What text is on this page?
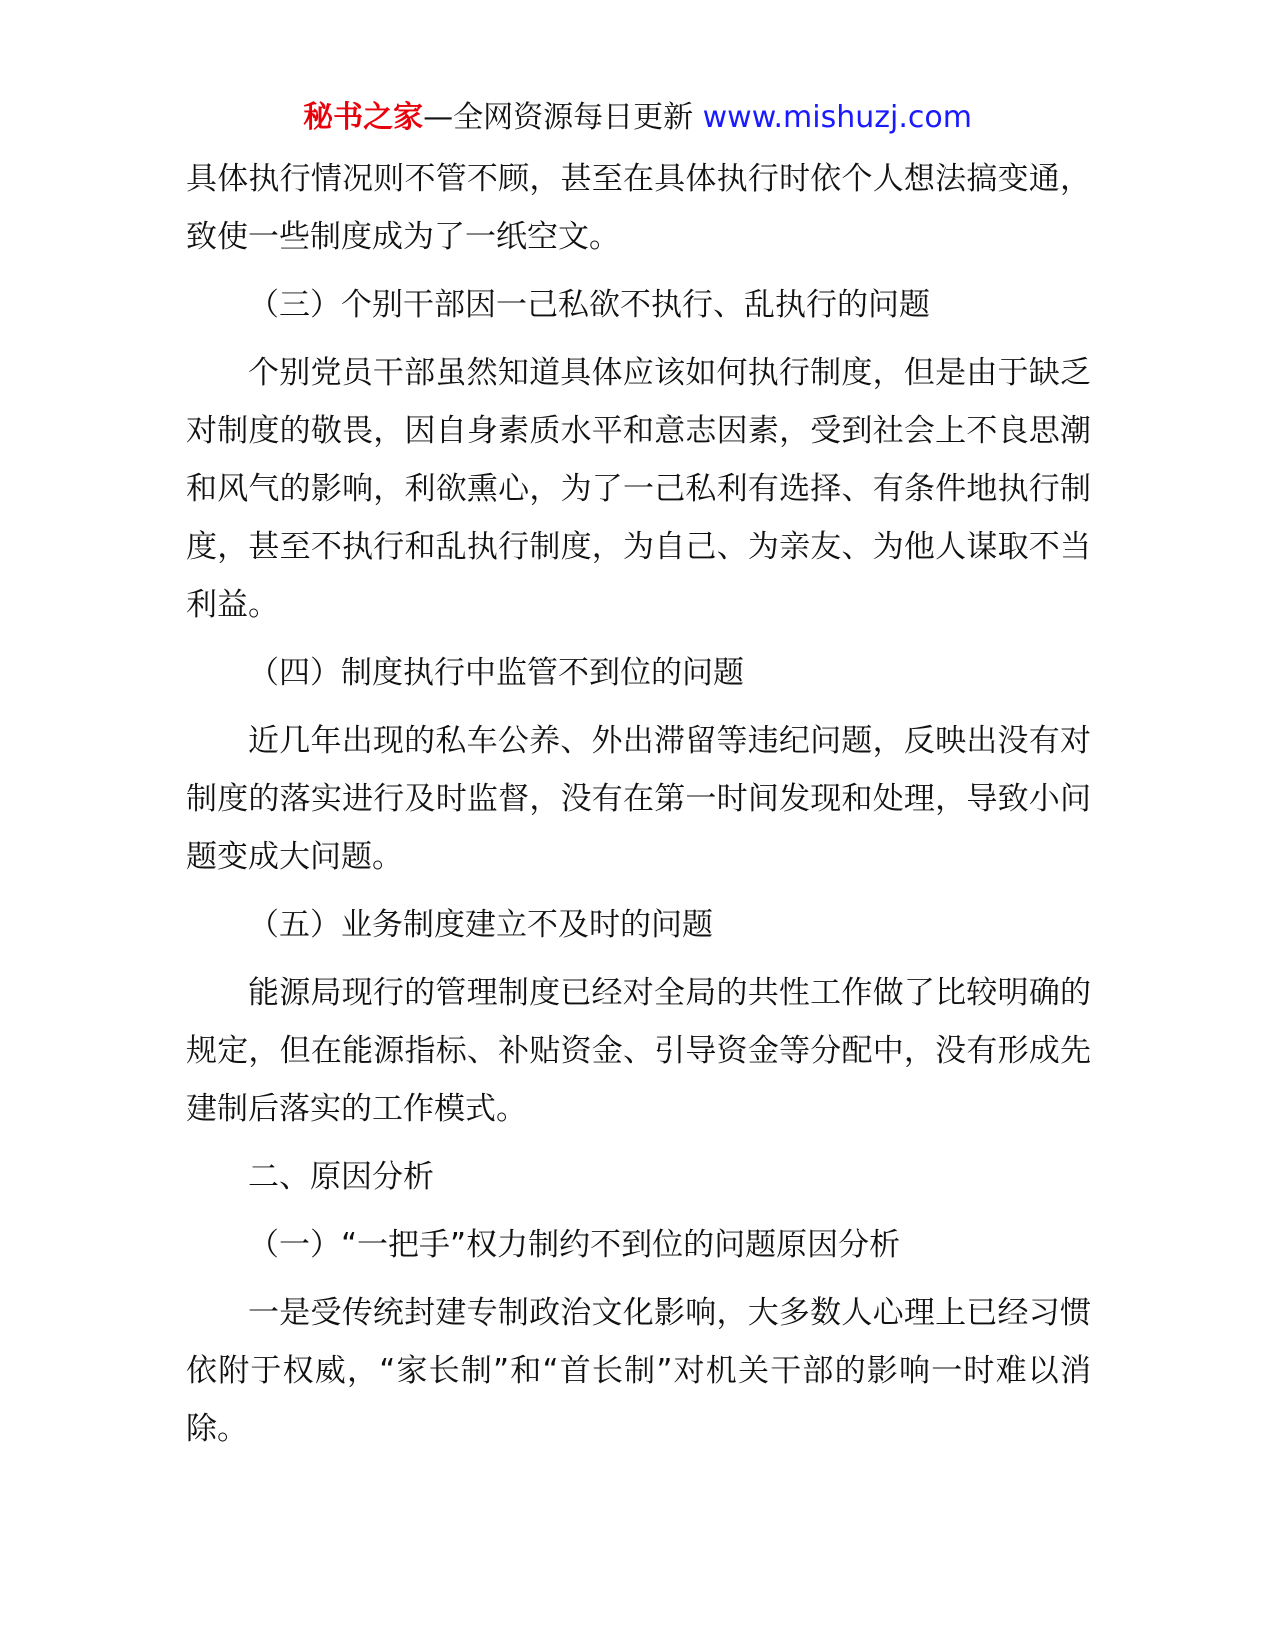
秘书之家—全网资源每日更新 www.mishuzj.com

具体执行情况则不管不顾，甚至在具体执行时依个人想法搞变通，致使一些制度成为了一纸空文。

（三）个别干部因一己私欲不执行、乱执行的问题

个别党员干部虽然知道具体应该如何执行制度，但是由于缺乏对制度的敬畏，因自身素质水平和意志因素，受到社会上不良思潮和风气的影响，利欲熏心，为了一己私利有选择、有条件地执行制度，甚至不执行和乱执行制度，为自己、为亲友、为他人谋取不当利益。

（四）制度执行中监管不到位的问题

近几年出现的私车公养、外出滞留等违纪问题，反映出没有对制度的落实进行及时监督，没有在第一时间发现和处理，导致小问题变成大问题。

（五）业务制度建立不及时的问题

能源局现行的管理制度已经对全局的共性工作做了比较明确的规定，但在能源指标、补贴资金、引导资金等分配中，没有形成先建制后落实的工作模式。

二、原因分析

（一）“一把手”权力制约不到位的问题原因分析

一是受传统封建专制政治文化影响，大多数人心理上已经习惯依附于权威，“家长制”和“首长制”对机关干部的影响一时难以消除。
